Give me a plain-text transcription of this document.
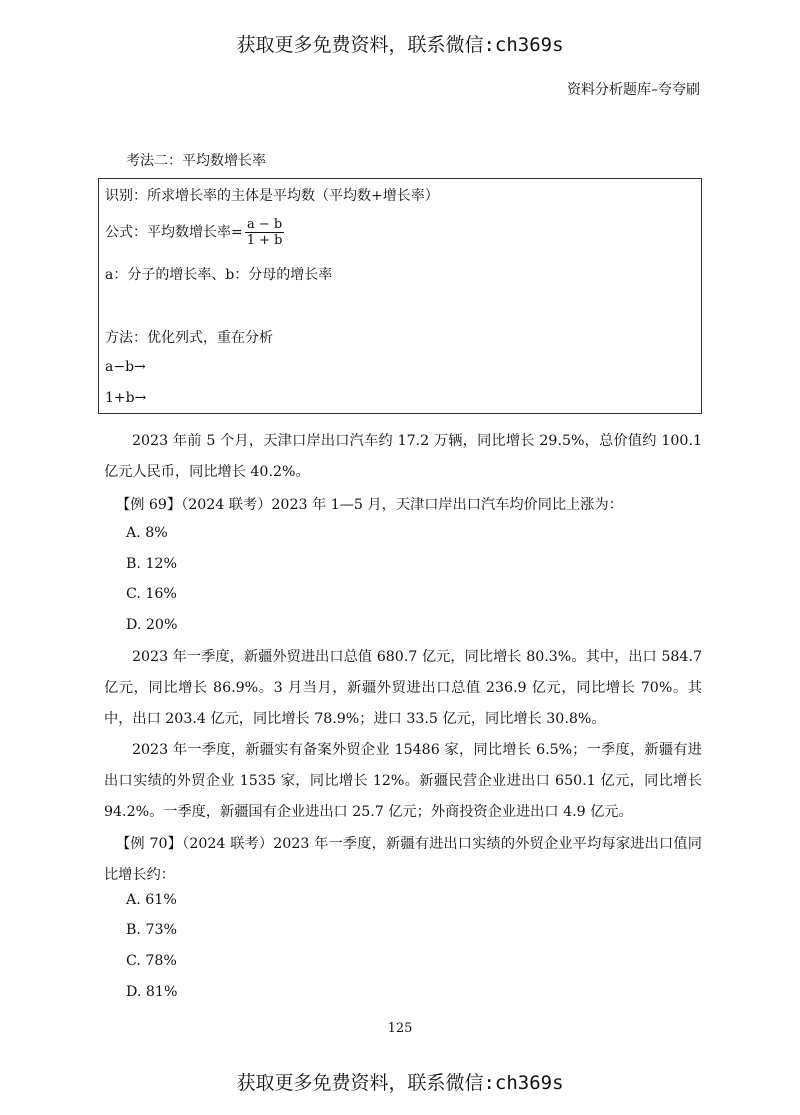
获取更多免费资料，联系微信:ch369s
资料分析题库–夸夸刷
考法二：平均数增长率
识别：所求增长率的主体是平均数（平均数+增长率）
公式：平均数增长率= $\frac{a - b}{1 + b}$
a：分子的增长率、b：分母的增长率
方法：优化列式，重在分析
a−b→
1+b→

2023 年前 5 个月，天津口岸出口汽车约 17.2 万辆，同比增长 29.5%，总价值约 100.1 亿元人民币，同比增长 40.2%。

【例 69】（2024 联考）2023 年 1—5 月，天津口岸出口汽车均价同比上涨为：
A. 8%
B. 12%
C. 16%
D. 20%

2023 年一季度，新疆外贸进出口总值 680.7 亿元，同比增长 80.3%。其中，出口 584.7 亿元，同比增长 86.9%。3 月当月，新疆外贸进出口总值 236.9 亿元，同比增长 70%。其中，出口 203.4 亿元，同比增长 78.9%；进口 33.5 亿元，同比增长 30.8%。

2023 年一季度，新疆实有备案外贸企业 15486 家，同比增长 6.5%；一季度，新疆有进出口实绩的外贸企业 1535 家，同比增长 12%。新疆民营企业进出口 650.1 亿元，同比增长 94.2%。一季度，新疆国有企业进出口 25.7 亿元；外商投资企业进出口 4.9 亿元。

【例 70】（2024 联考）2023 年一季度，新疆有进出口实绩的外贸企业平均每家进出口值同比增长约：

A. 61%
B. 73%
C. 78%
D. 81%
125
获取更多免费资料，联系微信:ch369s
